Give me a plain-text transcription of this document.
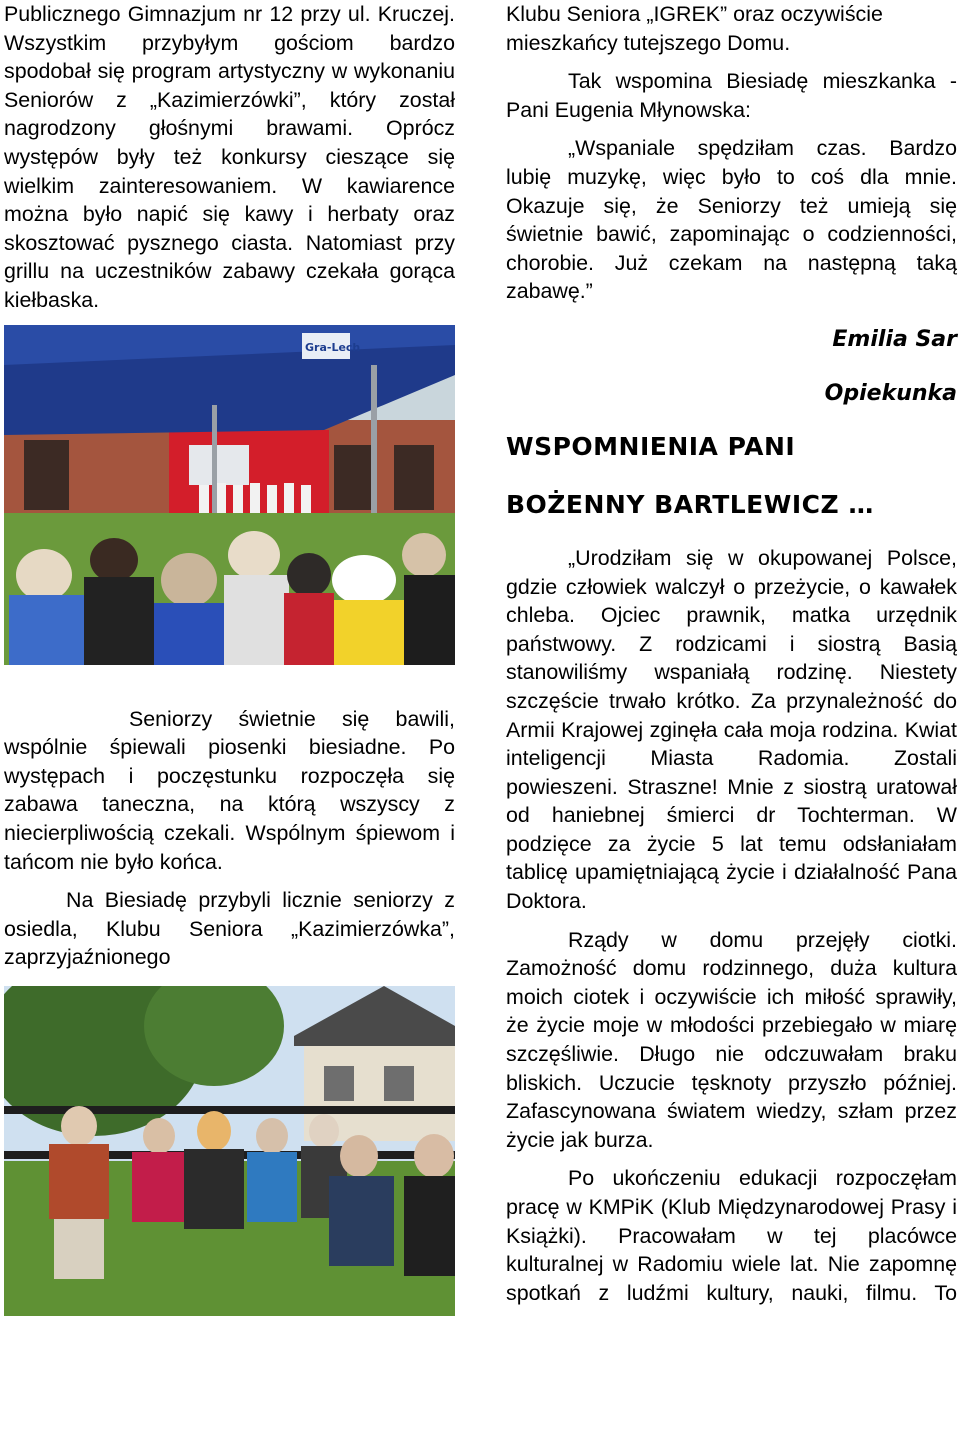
Publicznego Gimnazjum nr 12 przy ul. Kruczej. Wszystkim przybyłym gościom bardzo spodobał się program artystyczny w wykonaniu Seniorów z „Kazimierzówki”, który został nagrodzony głośnymi brawami. Oprócz występów były też konkursy cieszące się wielkim zainteresowaniem. W kawiarence można było napić się kawy i herbaty oraz skosztować pysznego ciasta. Natomiast przy grillu na uczestników zabawy czekała gorąca kiełbaska.

Gra-Lech

Seniorzy świetnie się bawili, wspólnie śpiewali piosenki biesiadne. Po występach i poczęstunku rozpoczęła się zabawa taneczna, na którą wszyscy z niecierpliwością czekali. Wspólnym śpiewom i tańcom nie było końca.

Na Biesiadę przybyli licznie seniorzy z osiedla, Klubu Seniora „Kazimierzówka”, zaprzyjaźnionego

Klubu Seniora „IGREK” oraz oczywiście mieszkańcy tutejszego Domu.

Tak wspomina Biesiadę mieszkanka - Pani Eugenia Młynowska:

„Wspaniale spędziłam czas. Bardzo lubię muzykę, więc było to coś dla mnie. Okazuje się, że Seniorzy też umieją się świetnie bawić, zapominając o codzienności, chorobie. Już czekam na następną taką zabawę.”

Emilia Sar
Opiekunka
WSPOMNIENIA PANI
BOŻENNY BARTLEWICZ …

„Urodziłam się w okupowanej Polsce, gdzie człowiek walczył o przeżycie, o kawałek chleba. Ojciec prawnik, matka urzędnik państwowy. Z rodzicami i siostrą Basią stanowiliśmy wspaniałą rodzinę. Niestety szczęście trwało krótko. Za przynależność do Armii Krajowej zginęła cała moja rodzina. Kwiat inteligencji Miasta Radomia. Zostali powieszeni. Straszne! Mnie z siostrą uratował od haniebnej śmierci dr Tochterman. W podzięce za życie 5 lat temu odsłaniałam tablicę upamiętniającą życie i działalność Pana Doktora.

Rządy w domu przejęły ciotki. Zamożność domu rodzinnego, duża kultura moich ciotek i oczywiście ich miłość sprawiły, że życie moje w młodości przebiegało w miarę szczęśliwie. Długo nie odczuwałam braku bliskich. Uczucie tęsknoty przyszło później. Zafascynowana światem wiedzy, szłam przez życie jak burza.

Po ukończeniu edukacji rozpoczęłam pracę w KMPiK (Klub Międzynarodowej Prasy i Książki). Pracowałam w tej placówce kulturalnej w Radomiu wiele lat. Nie zapomnę spotkań z ludźmi kultury, nauki, filmu. To
